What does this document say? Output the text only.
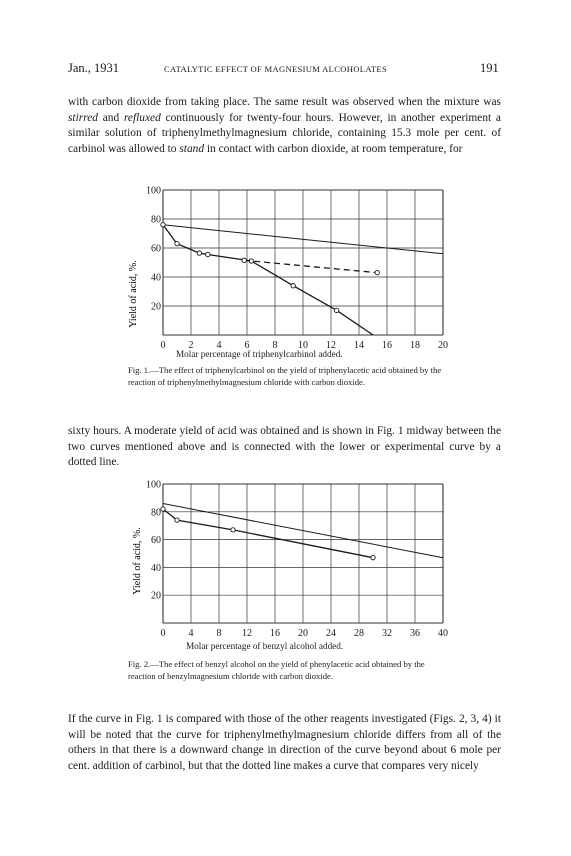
Jan., 1931	CATALYTIC EFFECT OF MAGNESIUM ALCOHOLATES	191

with carbon dioxide from taking place. The same result was observed when the mixture was stirred and refluxed continuously for twenty-four hours. However, in another experiment a similar solution of triphenylmethylmagnesium chloride, containing 15.3 mole per cent. of carbinol was allowed to stand in contact with carbon dioxide, at room temperature, for

Yield of acid, %.
0 2 4 6 8 10 12 14 16 18 20
20
40
60
80
100
Molar percentage of triphenylcarbinol added.

Fig. 1.—The effect of triphenylcarbinol on the yield of triphenylacetic acid obtained by the reaction of triphenylmethylmagnesium chloride with carbon dioxide.

sixty hours. A moderate yield of acid was obtained and is shown in Fig. 1 midway between the two curves mentioned above and is connected with the lower or experimental curve by a dotted line.

Yield of acid, %.
0 4 8 12 16 20 24 28 32 36 40
20
40
60
80
100
Molar percentage of benzyl alcohol added.

Fig. 2.—The effect of benzyl alcohol on the yield of phenylacetic acid obtained by the reaction of benzylmagnesium chloride with carbon dioxide.

If the curve in Fig. 1 is compared with those of the other reagents investigated (Figs. 2, 3, 4) it will be noted that the curve for triphenylmethylmagnesium chloride differs from all of the others in that there is a downward change in direction of the curve beyond about 6 mole per cent. addition of carbinol, but that the dotted line makes a curve that compares very nicely
